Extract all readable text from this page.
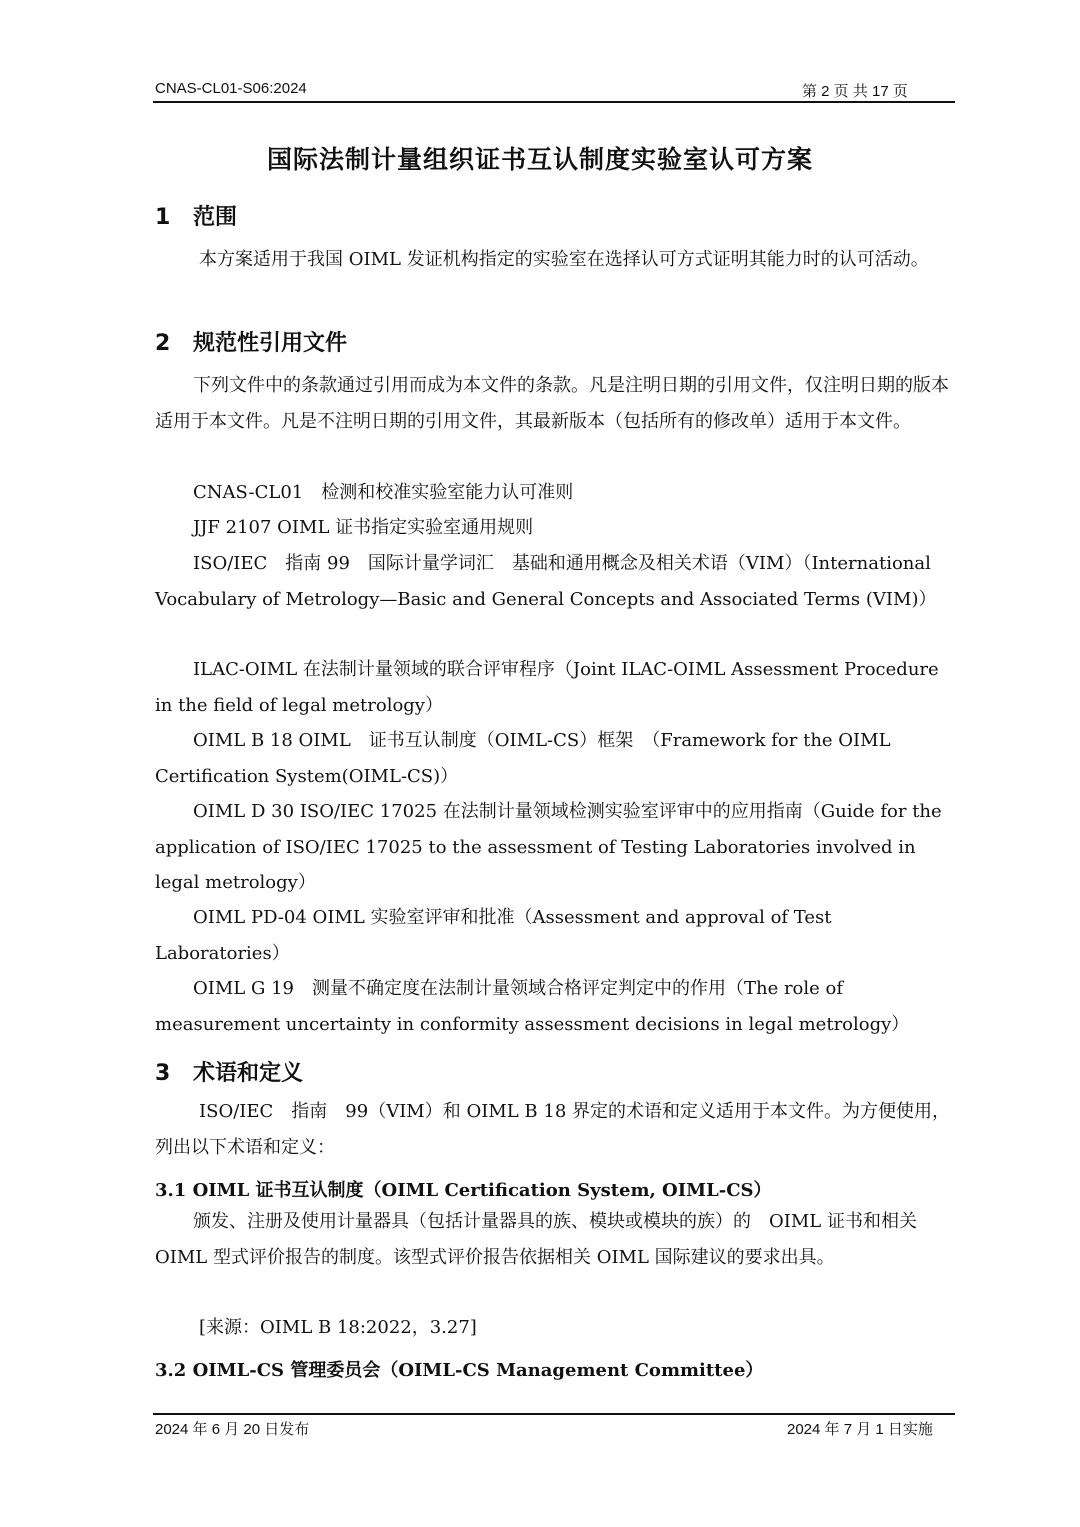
CNAS-CL01-S06:2024	第 2 页 共 17 页
国际法制计量组织证书互认制度实验室认可方案
1 范围

本方案适用于我国 OIML 发证机构指定的实验室在选择认可方式证明其能力时的认可活动。

2 规范性引用文件

下列文件中的条款通过引用而成为本文件的条款。凡是注明日期的引用文件，仅注明日期的版本适用于本文件。凡是不注明日期的引用文件，其最新版本（包括所有的修改单）适用于本文件。

CNAS-CL01　检测和校准实验室能力认可准则

JJF 2107 OIML 证书指定实验室通用规则

ISO/IEC　指南 99　国际计量学词汇　基础和通用概念及相关术语（VIM）（International Vocabulary of Metrology—Basic and General Concepts and Associated Terms (VIM)）

ILAC-OIML 在法制计量领域的联合评审程序（Joint ILAC-OIML Assessment Procedure in the field of legal metrology）

OIML B 18 OIML　证书互认制度（OIML-CS）框架　（Framework for the OIML Certification System(OIML-CS)）

OIML D 30 ISO/IEC 17025 在法制计量领域检测实验室评审中的应用指南（Guide for the application of ISO/IEC 17025 to the assessment of Testing Laboratories involved in legal metrology）

OIML PD-04 OIML 实验室评审和批准（Assessment and approval of Test Laboratories）

OIML G 19　测量不确定度在法制计量领域合格评定判定中的作用（The role of measurement uncertainty in conformity assessment decisions in legal metrology）

3 术语和定义

ISO/IEC　指南　99（VIM）和 OIML B 18 界定的术语和定义适用于本文件。为方便使用，列出以下术语和定义：

3.1 OIML 证书互认制度（OIML Certification System, OIML-CS）

颁发、注册及使用计量器具（包括计量器具的族、模块或模块的族）的　OIML 证书和相关 OIML 型式评价报告的制度。该型式评价报告依据相关 OIML 国际建议的要求出具。

[来源：OIML B 18:2022，3.27]

3.2 OIML-CS 管理委员会（OIML-CS Management Committee）
2024 年 6 月 20 日发布	2024 年 7 月 1 日实施
